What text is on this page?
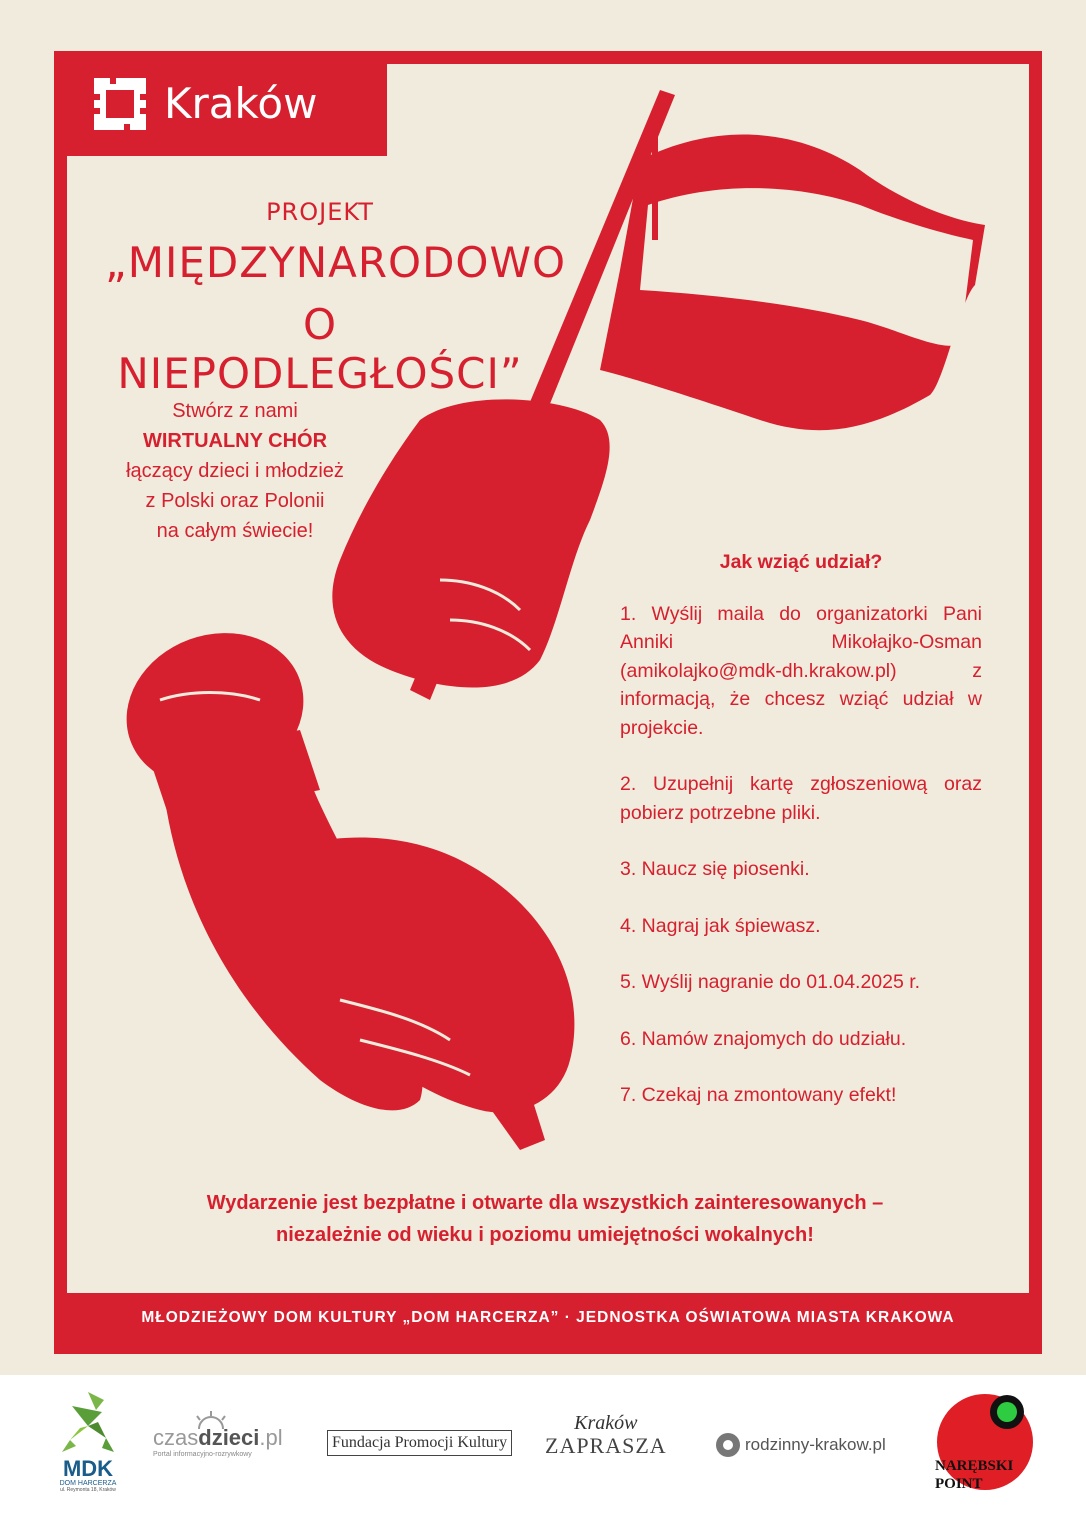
Kraków
PROJEKT
„MIĘDZYNARODOWO
O NIEPODLEGŁOŚCI”
Stwórz z nami
WIRTUALNY CHÓR
łączący dzieci i młodzież
z Polski oraz Polonii
na całym świecie!
Jak wziąć udział?
1. Wyślij maila do organizatorki Pani Anniki Mikołajko-Osman (amikolajko@mdk-dh.krakow.pl) z informacją, że chcesz wziąć udział w projekcie.
2. Uzupełnij kartę zgłoszeniową oraz pobierz potrzebne pliki.
3. Naucz się piosenki.
4. Nagraj jak śpiewasz.
5. Wyślij nagranie do 01.04.2025 r.
6. Namów znajomych do udziału.
7. Czekaj na zmontowany efekt!
Wydarzenie jest bezpłatne i otwarte dla wszystkich zainteresowanych –
niezależnie od wieku i poziomu umiejętności wokalnych!
MŁODZIEŻOWY DOM KULTURY „DOM HARCERZA” · JEDNOSTKA OŚWIATOWA MIASTA KRAKOWA
MDK
DOM HARCERZA
ul. Reymonta 18, Kraków
czasdzieci.pl
Portal informacyjno-rozrywkowy
Fundacja Promocji Kultury
Kraków
ZAPRASZA	rodzinny-krakow.pl
NARĘBSKI
POINT
